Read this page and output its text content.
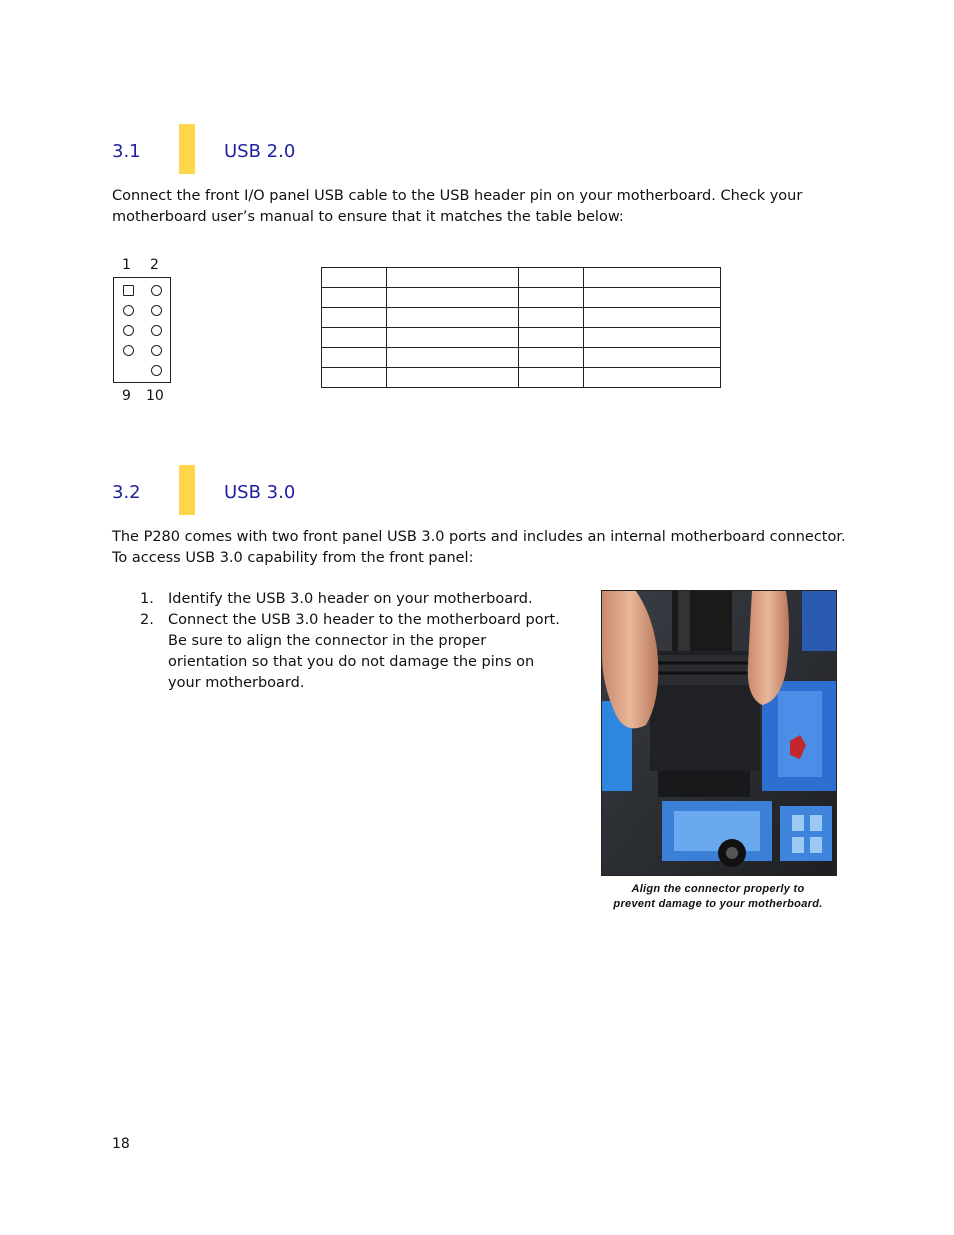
3.1	USB 2.0

Connect the front I/O panel USB cable to the USB header pin on your motherboard. Check your motherboard user’s manual to ensure that it matches the table below:

1 2
9 10

3.2	USB 3.0

The P280 comes with two front panel USB 3.0 ports and includes an internal motherboard connector. To access USB 3.0 capability from the front panel:

1. Identify the USB 3.0 header on your motherboard.
2. Connect the USB 3.0 header to the motherboard port. Be sure to align the connector in the proper orientation so that you do not damage the pins on your motherboard.
Align the connector properly to prevent damage to your motherboard.
18
